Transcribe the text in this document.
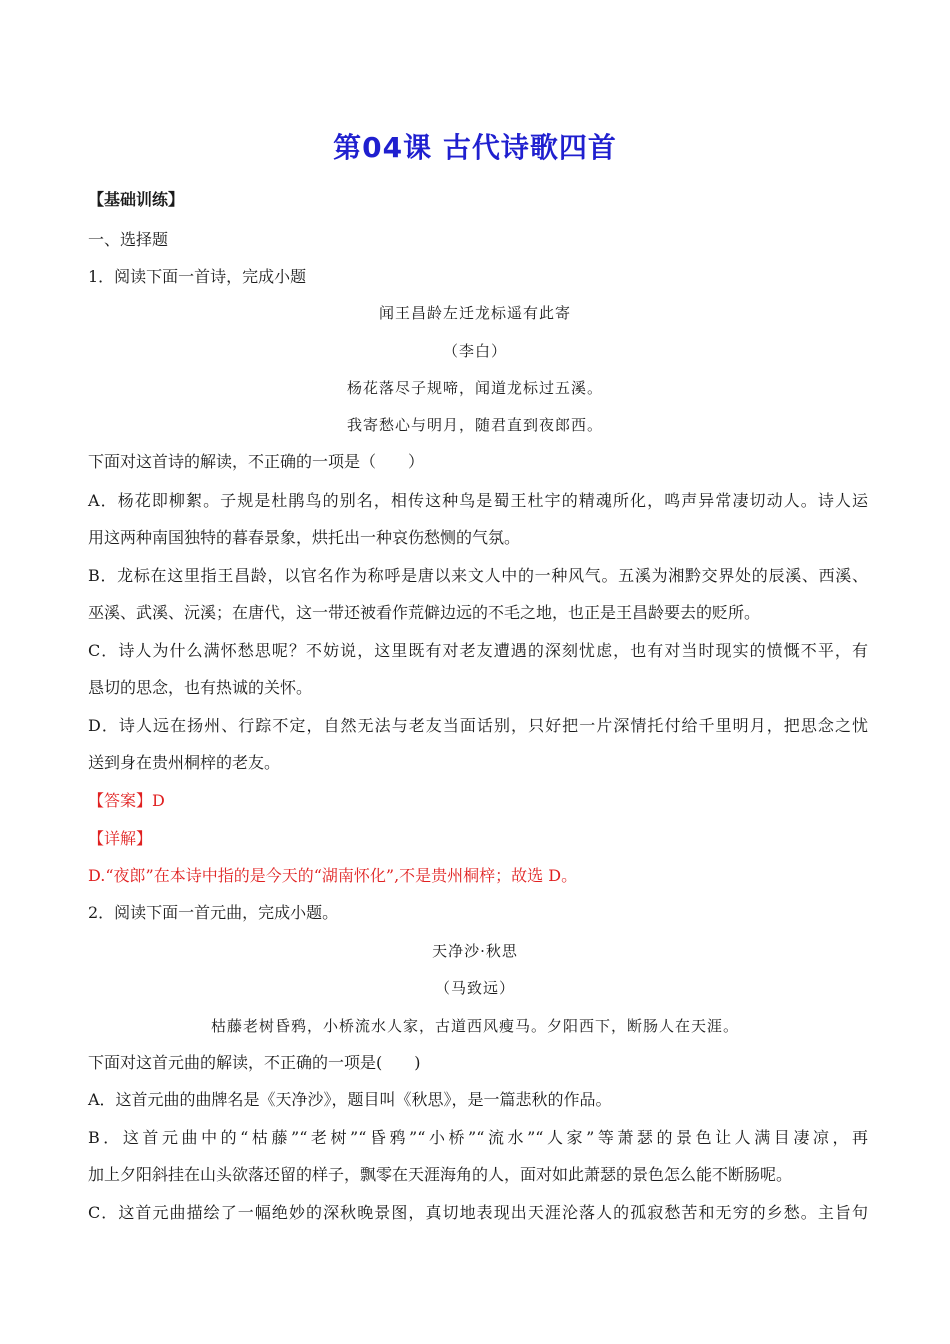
第04课 古代诗歌四首
【基础训练】
一、选择题
1．阅读下面一首诗，完成小题
闻王昌龄左迁龙标遥有此寄
（李白）
杨花落尽子规啼，闻道龙标过五溪。
我寄愁心与明月，随君直到夜郎西。
下面对这首诗的解读，不正确的一项是（　　）
A．杨花即柳絮。子规是杜鹃鸟的别名，相传这种鸟是蜀王杜宇的精魂所化，鸣声异常凄切动人。诗人运
用这两种南国独特的暮春景象，烘托出一种哀伤愁恻的气氛。
B．龙标在这里指王昌龄，以官名作为称呼是唐以来文人中的一种风气。五溪为湘黔交界处的辰溪、西溪、
巫溪、武溪、沅溪；在唐代，这一带还被看作荒僻边远的不毛之地，也正是王昌龄要去的贬所。
C．诗人为什么满怀愁思呢？不妨说，这里既有对老友遭遇的深刻忧虑，也有对当时现实的愤慨不平，有
恳切的思念，也有热诚的关怀。
D．诗人远在扬州、行踪不定，自然无法与老友当面话别，只好把一片深情托付给千里明月，把思念之忧
送到身在贵州桐梓的老友。
【答案】D
【详解】
D.“夜郎”在本诗中指的是今天的“湖南怀化”,不是贵州桐梓；故选 D。
2．阅读下面一首元曲，完成小题。
天净沙·秋思
（马致远）
枯藤老树昏鸦，小桥流水人家，古道西风瘦马。夕阳西下，断肠人在天涯。
下面对这首元曲的解读，不正确的一项是(　　)
A．这首元曲的曲牌名是《天净沙》，题目叫《秋思》，是一篇悲秋的作品。
B．这首元曲中的“枯藤”“老树”“昏鸦”“小桥”“流水”“人家”等萧瑟的景色让人满目凄凉，再
加上夕阳斜挂在山头欲落还留的样子，飘零在天涯海角的人，面对如此萧瑟的景色怎么能不断肠呢。
C．这首元曲描绘了一幅绝妙的深秋晚景图，真切地表现出天涯沦落人的孤寂愁苦和无穷的乡愁。主旨句
